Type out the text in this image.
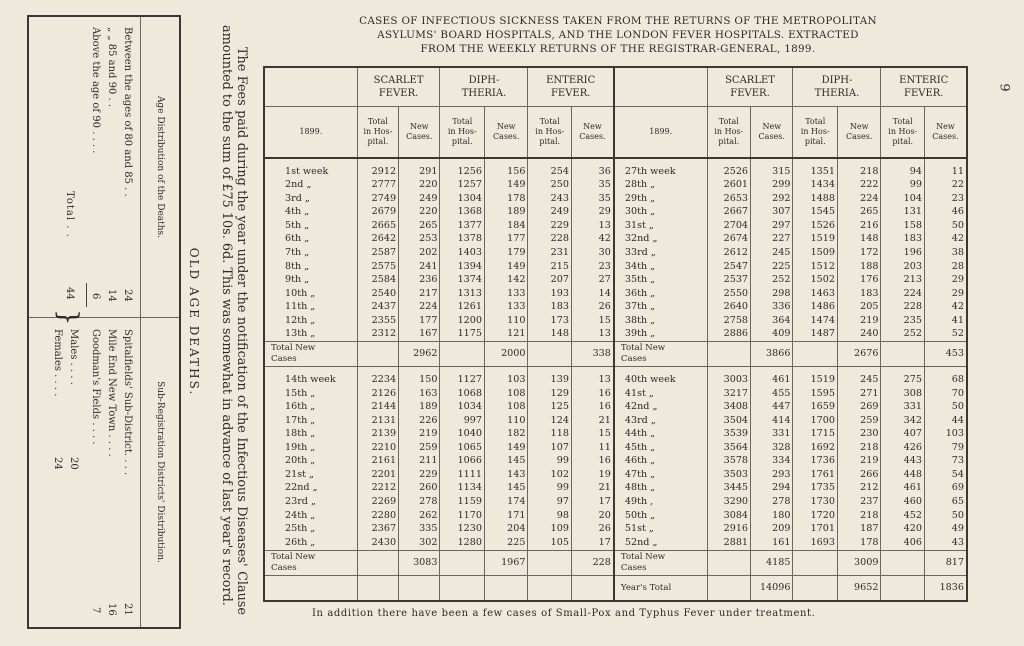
CASES OF INFECTIOUS SICKNESS TAKEN FROM THE RETURNS OF THE METROPOLITAN
ASYLUMS' BOARD HOSPITALS, AND THE LONDON FEVER HOSPITALS. EXTRACTED
FROM THE WEEKLY RETURNS OF THE REGISTRAR-GENERAL, 1899.
9
	SCARLET
FEVER.		DIPH-
THERIA.		ENTERIC
FEVER.			SCARLET
FEVER.		DIPH-
THERIA.		ENTERIC
FEVER.	
1899.	Total
in Hos-
pital.	New
Cases.	Total
in Hos-
pital.	New
Cases.	Total
in Hos-
pital.	New
Cases.	1899.	Total
in Hos-
pital.	New
Cases.	Total
in Hos-
pital.	New
Cases.	Total
in Hos-
pital.	New
Cases.

1st week	2912	291	1256	156	254	36	27th week	2526	315	1351	218	94	11
2nd „	2777	220	1257	149	250	35	28th „	2601	299	1434	222	99	22
3rd „	2749	249	1304	178	243	35	29th „	2653	292	1488	224	104	23
4th „	2679	220	1368	189	249	29	30th „	2667	307	1545	265	131	46
5th „	2665	265	1377	184	229	13	31st „	2704	297	1526	216	158	50
6th „	2642	253	1378	177	228	42	32nd „	2674	227	1519	148	183	42
7th „	2587	202	1403	179	231	30	33rd „	2612	245	1509	172	196	38
8th „	2575	241	1394	149	215	23	34th „	2547	225	1512	188	203	28
9th „	2584	236	1374	142	207	27	35th „	2537	252	1502	176	213	29
10th „	2540	217	1313	133	193	14	36th „	2550	298	1463	183	224	29
11th „	2437	224	1261	133	183	26	37th „	2640	336	1486	205	228	42
12th „	2355	177	1200	110	173	15	38th „	2758	364	1474	219	235	41
13th „	2312	167	1175	121	148	13	39th „	2886	409	1487	240	252	52
Total New
Cases		2962		2000		338	Total New
Cases		3866		2676		453

14th week	2234	150	1127	103	139	13	40th week	3003	461	1519	245	275	68
15th „	2126	163	1068	108	129	16	41st „	3217	455	1595	271	308	70
16th „	2144	189	1034	108	125	16	42nd „	3408	447	1659	269	331	50
17th „	2131	226	997	110	124	21	43rd „	3504	414	1700	259	342	44
18th „	2139	219	1040	182	118	15	44th „	3539	331	1715	230	407	103
19th „	2210	259	1065	149	107	11	45th „	3564	328	1692	218	426	79
20th „	2161	211	1066	145	99	16	46th „	3578	334	1736	219	443	73
21st „	2201	229	1111	143	102	19	47th „	3503	293	1761	266	448	54
22nd „	2212	260	1134	145	99	21	48th „	3445	294	1735	212	461	69
23rd „	2269	278	1159	174	97	17	49th ,	3290	278	1730	237	460	65
24th „	2280	262	1170	171	98	20	50th „	3084	180	1720	218	452	50
25th „	2367	335	1230	204	109	26	51st „	2916	209	1701	187	420	49
26th „	2430	302	1280	225	105	17	52nd „	2881	161	1693	178	406	43
Total New
Cases		3083		1967		228	Total New
Cases		4185		3009		817
							Year's Total		14096		9652		1836
In addition there have been a few cases of Small-Pox and Typhus Fever under treatment.

The Fees paid during the year under the notification of the Infectious Diseases' Clause amounted to the sum of £75 10s. 6d. This was somewhat in advance of last year's record.

OLD AGE DEATHS.
Age Distribution of the Deaths.
Sub-Registration Districts' Distribution.
Between the ages of 80 and 85 . .
24
„ „ 85 and 90 . .
14
Above the age of 90 . . . .
6
Total . .
44
}
Spitalfields' Sub-District. . . .
21
Mile End New Town . . . .
16
Goodman's Fields . . . .
7
Males . . . .
20
Females . . . .
24
